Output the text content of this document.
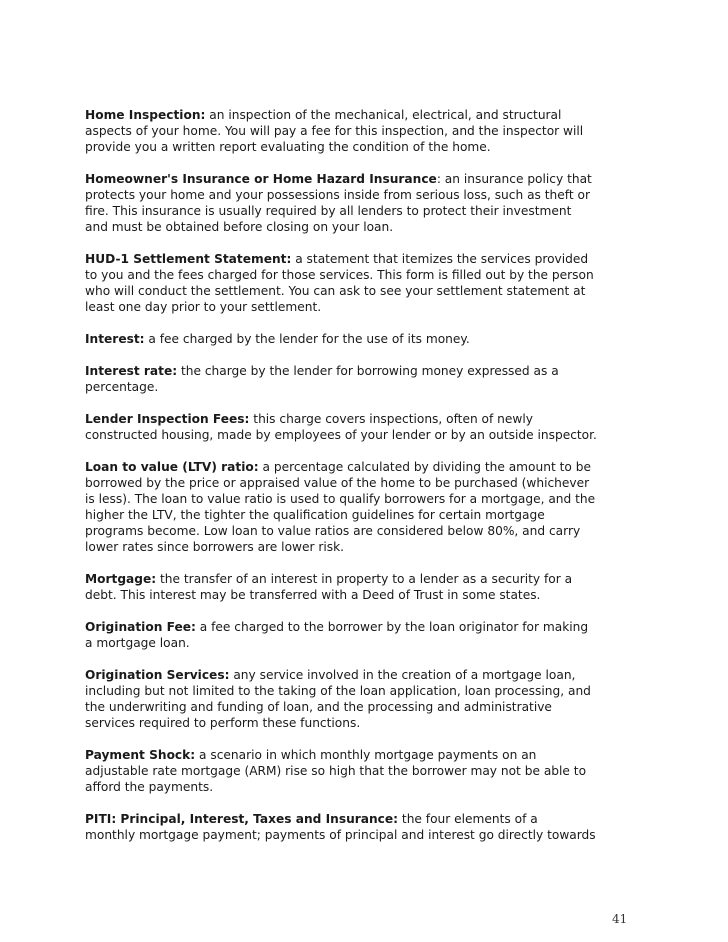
Home Inspection: an inspection of the mechanical, electrical, and structural
aspects of your home. You will pay a fee for this inspection, and the inspector will
provide you a written report evaluating the condition of the home.

Homeowner's Insurance or Home Hazard Insurance: an insurance policy that
protects your home and your possessions inside from serious loss, such as theft or
fire. This insurance is usually required by all lenders to protect their investment
and must be obtained before closing on your loan.

HUD-1 Settlement Statement: a statement that itemizes the services provided
to you and the fees charged for those services. This form is filled out by the person
who will conduct the settlement. You can ask to see your settlement statement at
least one day prior to your settlement.

Interest: a fee charged by the lender for the use of its money.

Interest rate: the charge by the lender for borrowing money expressed as a
percentage.

Lender Inspection Fees: this charge covers inspections, often of newly
constructed housing, made by employees of your lender or by an outside inspector.

Loan to value (LTV) ratio: a percentage calculated by dividing the amount to be
borrowed by the price or appraised value of the home to be purchased (whichever
is less). The loan to value ratio is used to qualify borrowers for a mortgage, and the
higher the LTV, the tighter the qualification guidelines for certain mortgage
programs become. Low loan to value ratios are considered below 80%, and carry
lower rates since borrowers are lower risk.

Mortgage: the transfer of an interest in property to a lender as a security for a
debt. This interest may be transferred with a Deed of Trust in some states.

Origination Fee: a fee charged to the borrower by the loan originator for making
a mortgage loan.

Origination Services: any service involved in the creation of a mortgage loan,
including but not limited to the taking of the loan application, loan processing, and
the underwriting and funding of loan, and the processing and administrative
services required to perform these functions.

Payment Shock: a scenario in which monthly mortgage payments on an
adjustable rate mortgage (ARM) rise so high that the borrower may not be able to
afford the payments.

PITI: Principal, Interest, Taxes and Insurance: the four elements of a
monthly mortgage payment; payments of principal and interest go directly towards

41
